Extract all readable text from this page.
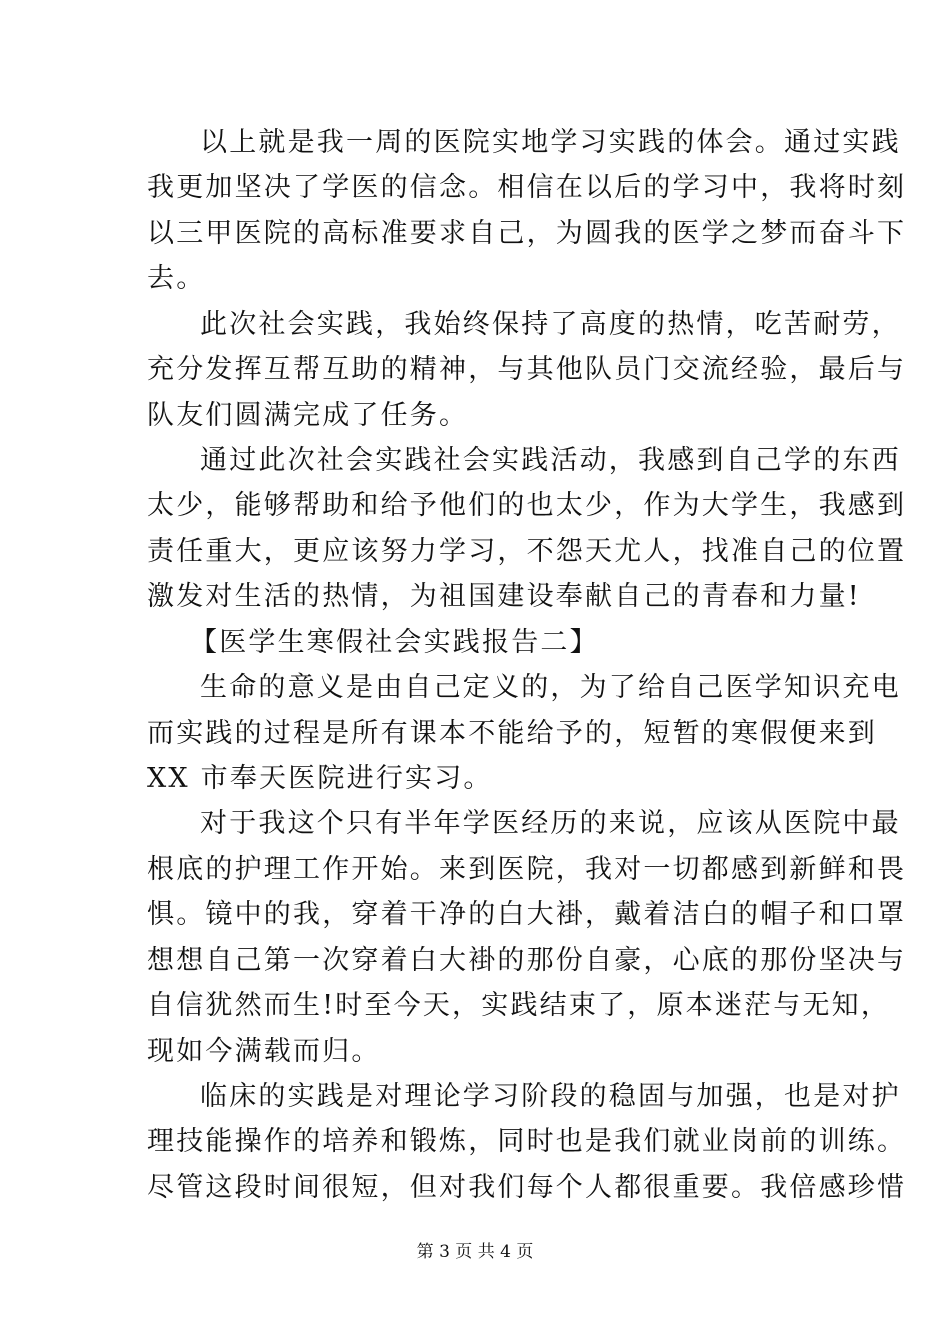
以上就是我一周的医院实地学习实践的体会。通过实践
我更加坚决了学医的信念。相信在以后的学习中，我将时刻
以三甲医院的高标准要求自己，为圆我的医学之梦而奋斗下
去。
此次社会实践，我始终保持了高度的热情，吃苦耐劳，
充分发挥互帮互助的精神，与其他队员门交流经验，最后与
队友们圆满完成了任务。
通过此次社会实践社会实践活动，我感到自己学的东西
太少，能够帮助和给予他们的也太少，作为大学生，我感到
责任重大，更应该努力学习，不怨天尤人，找准自己的位置
激发对生活的热情，为祖国建设奉献自己的青春和力量!
【医学生寒假社会实践报告二】
生命的意义是由自己定义的，为了给自己医学知识充电
而实践的过程是所有课本不能给予的，短暂的寒假便来到
XX 市奉天医院进行实习。
对于我这个只有半年学医经历的来说，应该从医院中最
根底的护理工作开始。来到医院，我对一切都感到新鲜和畏
惧。镜中的我，穿着干净的白大褂，戴着洁白的帽子和口罩
想想自己第一次穿着白大褂的那份自豪，心底的那份坚决与
自信犹然而生!时至今天，实践结束了，原本迷茫与无知，
现如今满载而归。
临床的实践是对理论学习阶段的稳固与加强，也是对护
理技能操作的培养和锻炼，同时也是我们就业岗前的训练。
尽管这段时间很短，但对我们每个人都很重要。我倍感珍惜
第 3 页 共 4 页
